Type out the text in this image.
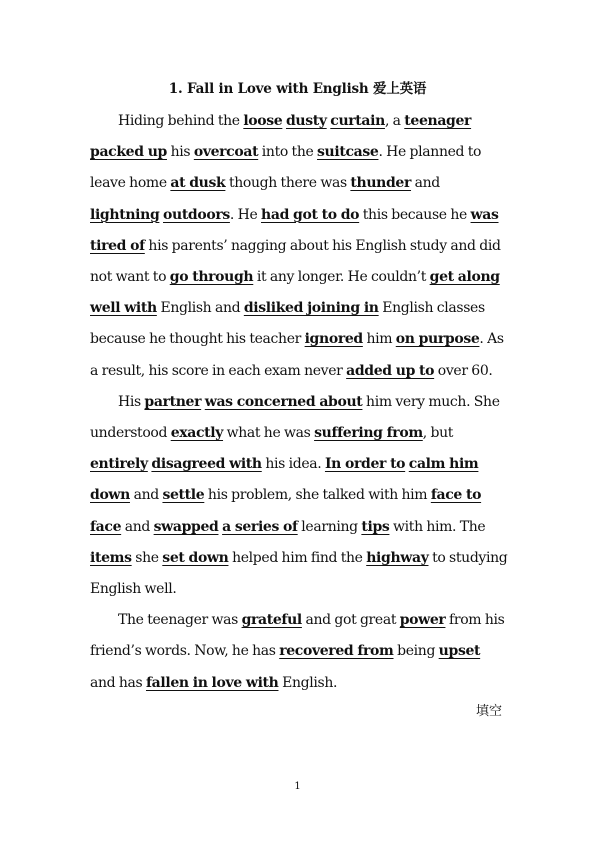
1. Fall in Love with English 爱上英语

Hiding behind the loose dusty curtain, a teenager packed up his overcoat into the suitcase. He planned to leave home at dusk though there was thunder and lightning outdoors. He had got to do this because he was tired of his parents’ nagging about his English study and did not want to go through it any longer. He couldn’t get along well with English and disliked joining in English classes because he thought his teacher ignored him on purpose. As a result, his score in each exam never added up to over 60.

His partner was concerned about him very much. She understood exactly what he was suffering from, but entirely disagreed with his idea. In order to calm him down and settle his problem, she talked with him face to face and swapped a series of learning tips with him. The items she set down helped him find the highway to studying English well.

The teenager was grateful and got great power from his friend’s words. Now, he has recovered from being upset and has fallen in love with English.

填空
1
